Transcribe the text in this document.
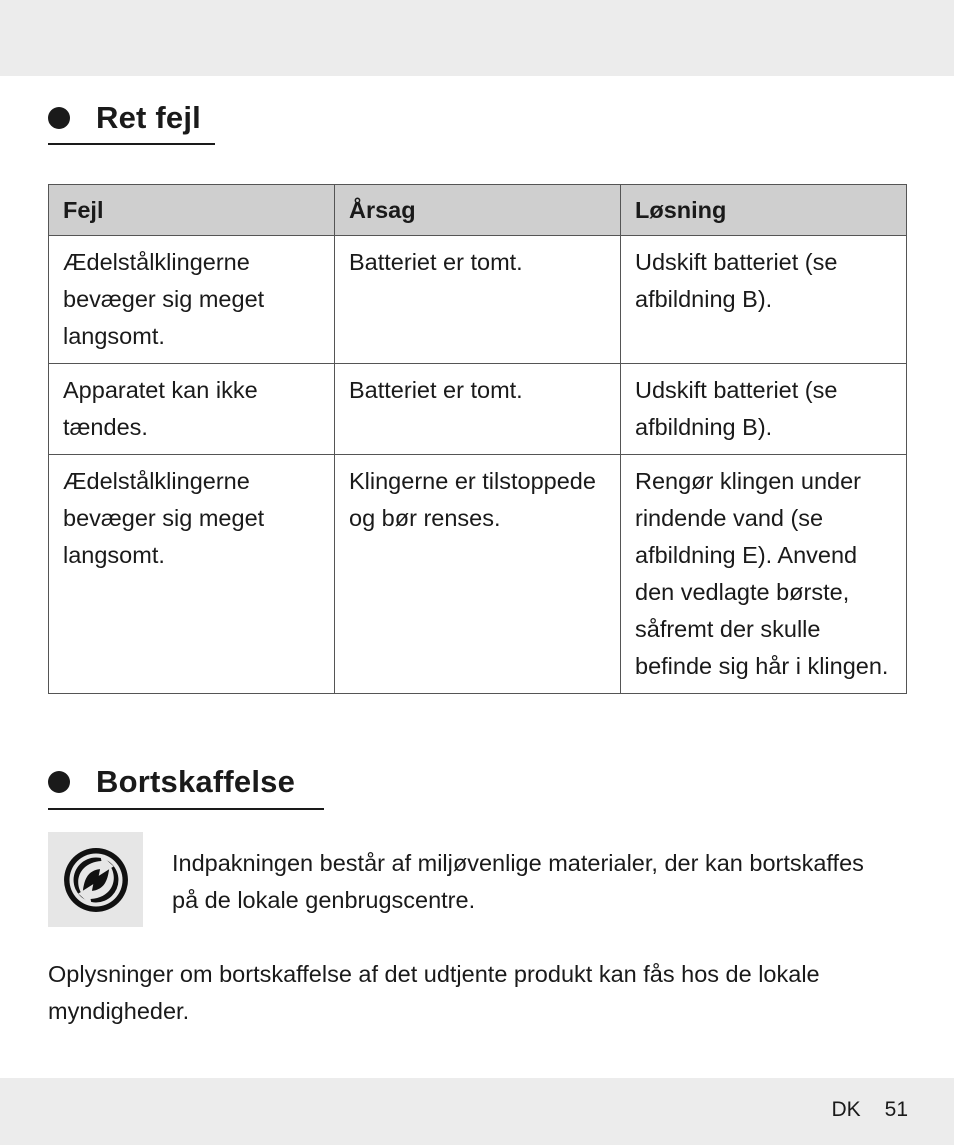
Ret fejl
Fejl	Årsag	Løsning
Ædelstålklingerne bevæger sig meget langsomt.	Batteriet er tomt.	Udskift batteriet (se afbildning B).
Apparatet kan ikke tændes.	Batteriet er tomt.	Udskift batteriet (se afbildning B).
Ædelstålklingerne bevæger sig meget langsomt.	Klingerne er tilstoppede og bør renses.	Rengør klingen under rindende vand (se afbildning E). Anvend den vedlagte børste, såfremt der skulle befinde sig hår i klingen.
Bortskaffelse
Indpakningen består af miljøvenlige materialer, der kan bortskaffes på de lokale genbrugscentre.
Oplysninger om bortskaffelse af det udtjente produkt kan fås hos de lokale myndigheder.
DK 51
